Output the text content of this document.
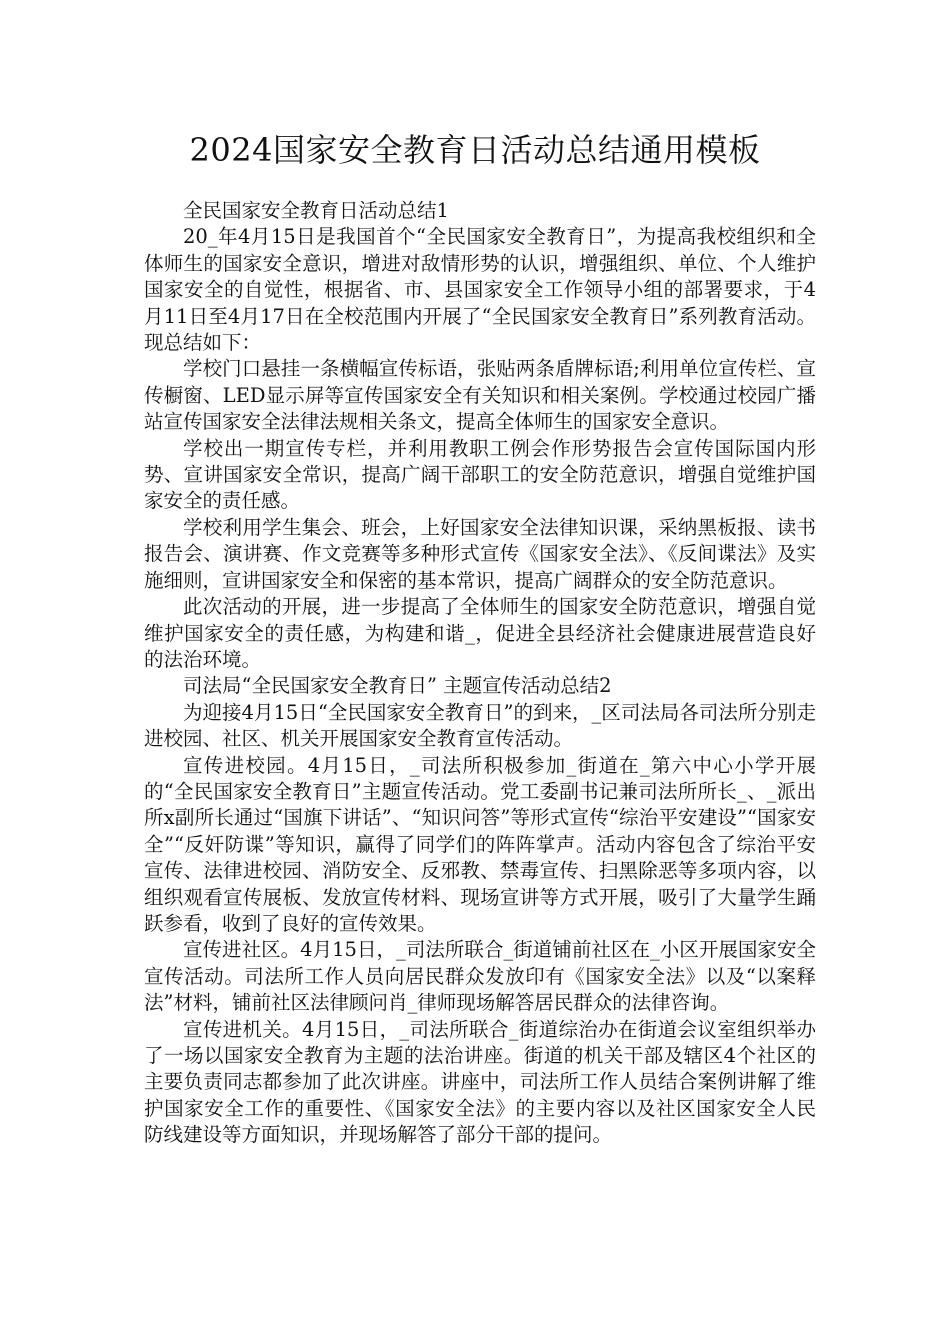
2024国家安全教育日活动总结通用模板

全民国家安全教育日活动总结1

20_年4月15日是我国首个“全民国家安全教育日”，为提高我校组织和全体师生的国家安全意识，增进对敌情形势的认识，增强组织、单位、个人维护国家安全的自觉性，根据省、市、县国家安全工作领导小组的部署要求，于4月11日至4月17日在全校范围内开展了“全民国家安全教育日”系列教育活动。现总结如下：

学校门口悬挂一条横幅宣传标语，张贴两条盾牌标语;利用单位宣传栏、宣传橱窗、LED显示屏等宣传国家安全有关知识和相关案例。学校通过校园广播站宣传国家安全法律法规相关条文，提高全体师生的国家安全意识。

学校出一期宣传专栏，并利用教职工例会作形势报告会宣传国际国内形势、宣讲国家安全常识，提高广阔干部职工的安全防范意识，增强自觉维护国家安全的责任感。

学校利用学生集会、班会，上好国家安全法律知识课，采纳黑板报、读书报告会、演讲赛、作文竞赛等多种形式宣传《国家安全法》、《反间谍法》及实施细则，宣讲国家安全和保密的基本常识，提高广阔群众的安全防范意识。

此次活动的开展，进一步提高了全体师生的国家安全防范意识，增强自觉维护国家安全的责任感，为构建和谐_，促进全县经济社会健康进展营造良好的法治环境。

司法局“全民国家安全教育日” 主题宣传活动总结2

为迎接4月15日“全民国家安全教育日”的到来，_区司法局各司法所分别走进校园、社区、机关开展国家安全教育宣传活动。

宣传进校园。4月15日，_司法所积极参加_街道在_第六中心小学开展的“全民国家安全教育日”主题宣传活动。党工委副书记兼司法所所长_、_派出所x副所长通过“国旗下讲话”、“知识问答”等形式宣传“综治平安建设”“国家安全”“反奸防谍”等知识，赢得了同学们的阵阵掌声。活动内容包含了综治平安宣传、法律进校园、消防安全、反邪教、禁毒宣传、扫黑除恶等多项内容，以组织观看宣传展板、发放宣传材料、现场宣讲等方式开展，吸引了大量学生踊跃参看，收到了良好的宣传效果。

宣传进社区。4月15日，_司法所联合_街道铺前社区在_小区开展国家安全宣传活动。司法所工作人员向居民群众发放印有《国家安全法》以及“以案释法”材料，铺前社区法律顾问肖_律师现场解答居民群众的法律咨询。

宣传进机关。4月15日，_司法所联合_街道综治办在街道会议室组织举办了一场以国家安全教育为主题的法治讲座。街道的机关干部及辖区4个社区的主要负责同志都参加了此次讲座。讲座中，司法所工作人员结合案例讲解了维护国家安全工作的重要性、《国家安全法》的主要内容以及社区国家安全人民防线建设等方面知识，并现场解答了部分干部的提问。
